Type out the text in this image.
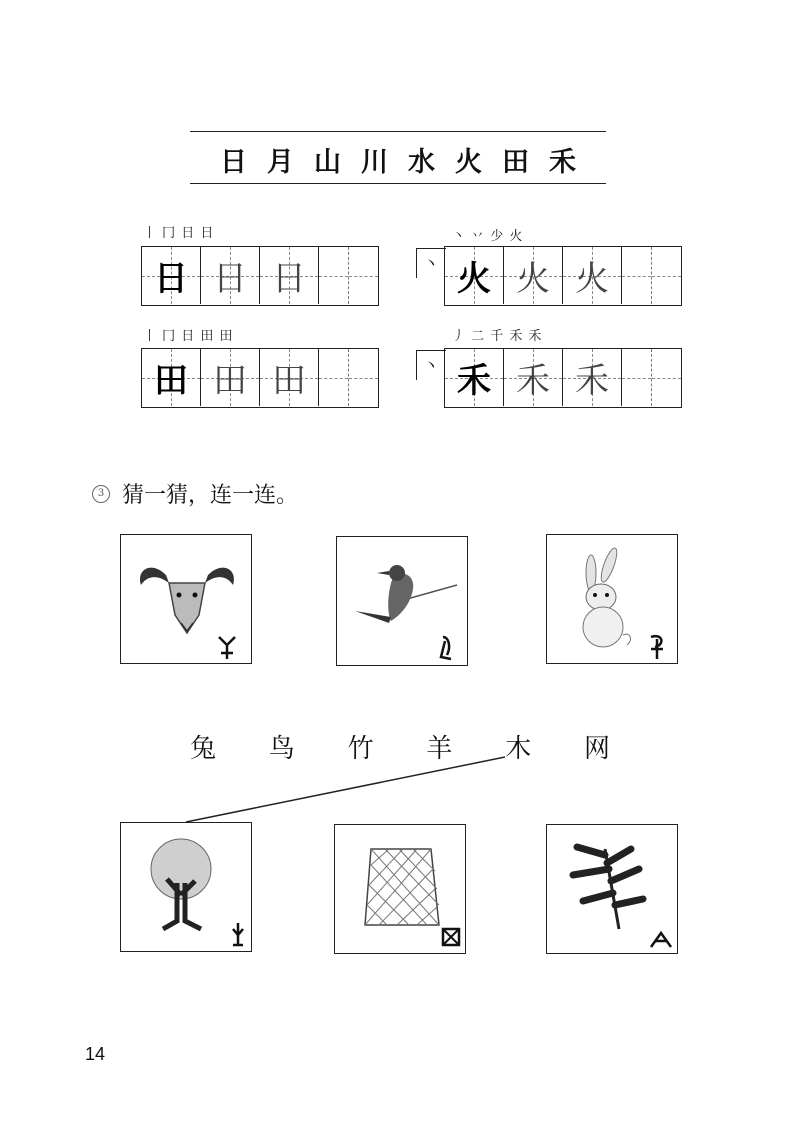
日 月 山 川 水 火 田 禾
丨 冂 日 日
日 日 日
丶 丷 少 火
丶 火 火 火
丨 冂 日 田 田
田 田 田
丿 二 千 禾 禾
丶 禾 禾 禾
3 猜一猜，连一连。
兔 鸟 竹 羊 木 网
14
